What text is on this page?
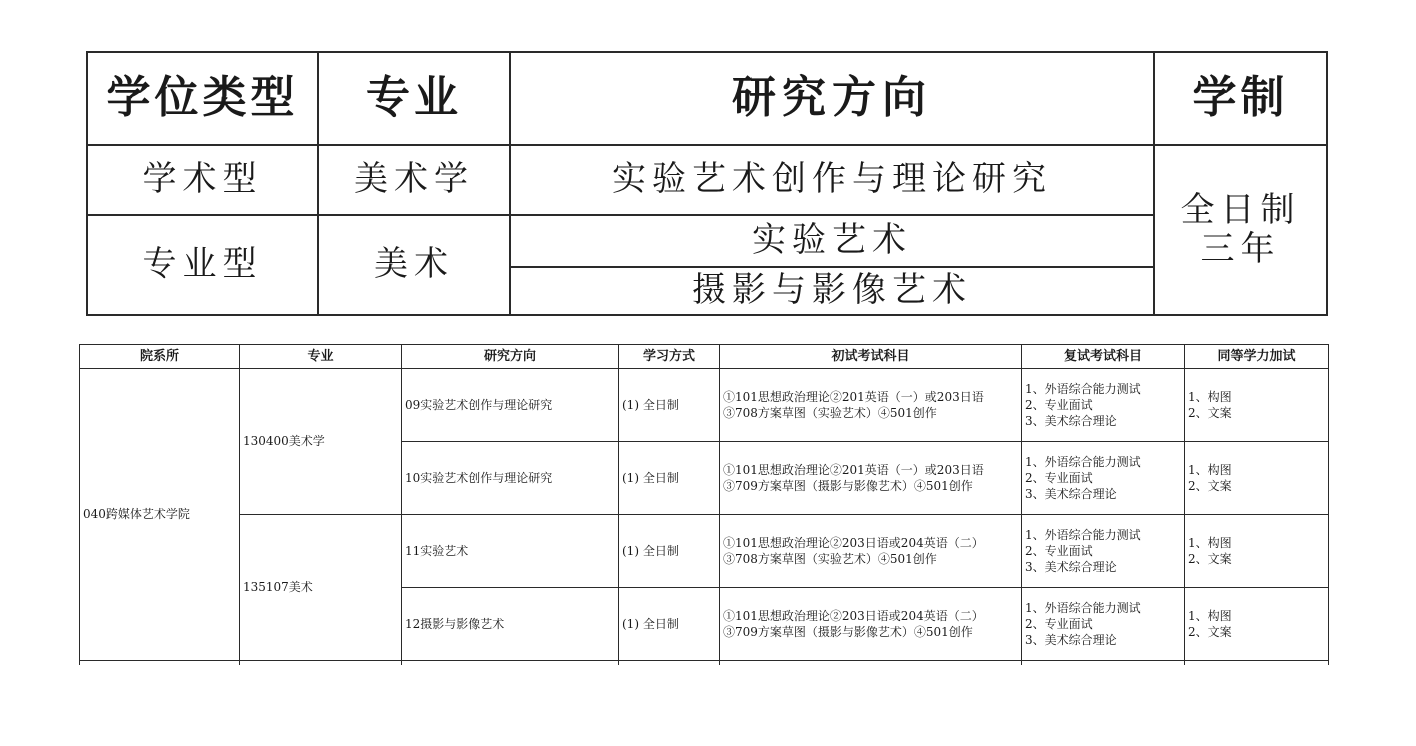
学位类型	专业	研究方向	学制
学术型	美术学	实验艺术创作与理论研究	全日制
三年

专业型	美术	实验艺术	
		摄影与影像艺术	
院系所	专业	研究方向	学习方式	初试考试科目	复试考试科目	同等学力加试
040跨媒体艺术学院	130400美术学	09实验艺术创作与理论研究	(1) 全日制	①101思想政治理论②201英语（一）或203日语
③708方案草图（实验艺术）④501创作	1、外语综合能力测试
2、专业面试
3、美术综合理论	1、构图
2、文案

		10实验艺术创作与理论研究	(1) 全日制	①101思想政治理论②201英语（一）或203日语
③709方案草图（摄影与影像艺术）④501创作	1、外语综合能力测试
2、专业面试
3、美术综合理论	1、构图
2、文案

	135107美术	11实验艺术	(1) 全日制	①101思想政治理论②203日语或204英语（二）
③708方案草图（实验艺术）④501创作	1、外语综合能力测试
2、专业面试
3、美术综合理论	1、构图
2、文案

		12摄影与影像艺术	(1) 全日制	①101思想政治理论②203日语或204英语（二）
③709方案草图（摄影与影像艺术）④501创作	1、外语综合能力测试
2、专业面试
3、美术综合理论	1、构图
2、文案
